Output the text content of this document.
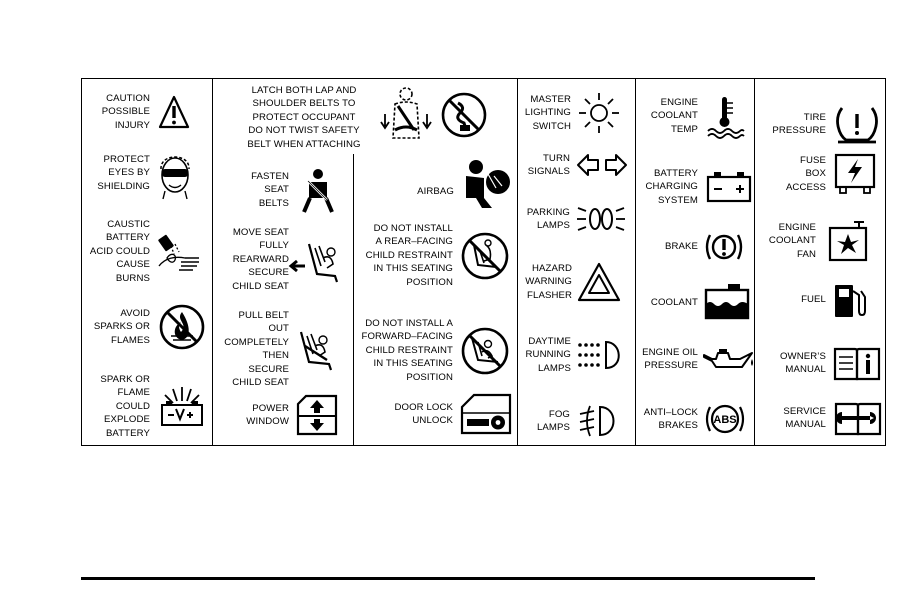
CAUTION
POSSIBLE
INJURY
PROTECT
EYES BY
SHIELDING
CAUSTIC
BATTERY
ACID COULD
CAUSE
BURNS
AVOID
SPARKS OR
FLAMES
SPARK OR
FLAME
COULD
EXPLODE
BATTERY
LATCH BOTH LAP AND
SHOULDER BELTS TO
PROTECT OCCUPANT
DO NOT TWIST SAFETY
BELT WHEN ATTACHING
FASTEN
SEAT
BELTS
MOVE SEAT
FULLY
REARWARD
SECURE
CHILD SEAT
PULL BELT
OUT
COMPLETELY
THEN SECURE
CHILD SEAT
POWER
WINDOW
AIRBAG
DO NOT INSTALL
A REAR–FACING
CHILD RESTRAINT
IN THIS SEATING
POSITION
DO NOT INSTALL A
FORWARD–FACING
CHILD RESTRAINT
IN THIS SEATING
POSITION
DOOR LOCK
UNLOCK
MASTER
LIGHTING
SWITCH
TURN
SIGNALS
PARKING
LAMPS
HAZARD
WARNING
FLASHER
DAYTIME
RUNNING
LAMPS
FOG
LAMPS
ENGINE
COOLANT
TEMP
BATTERY
CHARGING
SYSTEM
BRAKE
COOLANT
ENGINE OIL
PRESSURE
ANTI–LOCK
BRAKES ABS
TIRE
PRESSURE
FUSE
BOX
ACCESS
ENGINE
COOLANT
FAN
FUEL
OWNER’S
MANUAL
SERVICE
MANUAL
